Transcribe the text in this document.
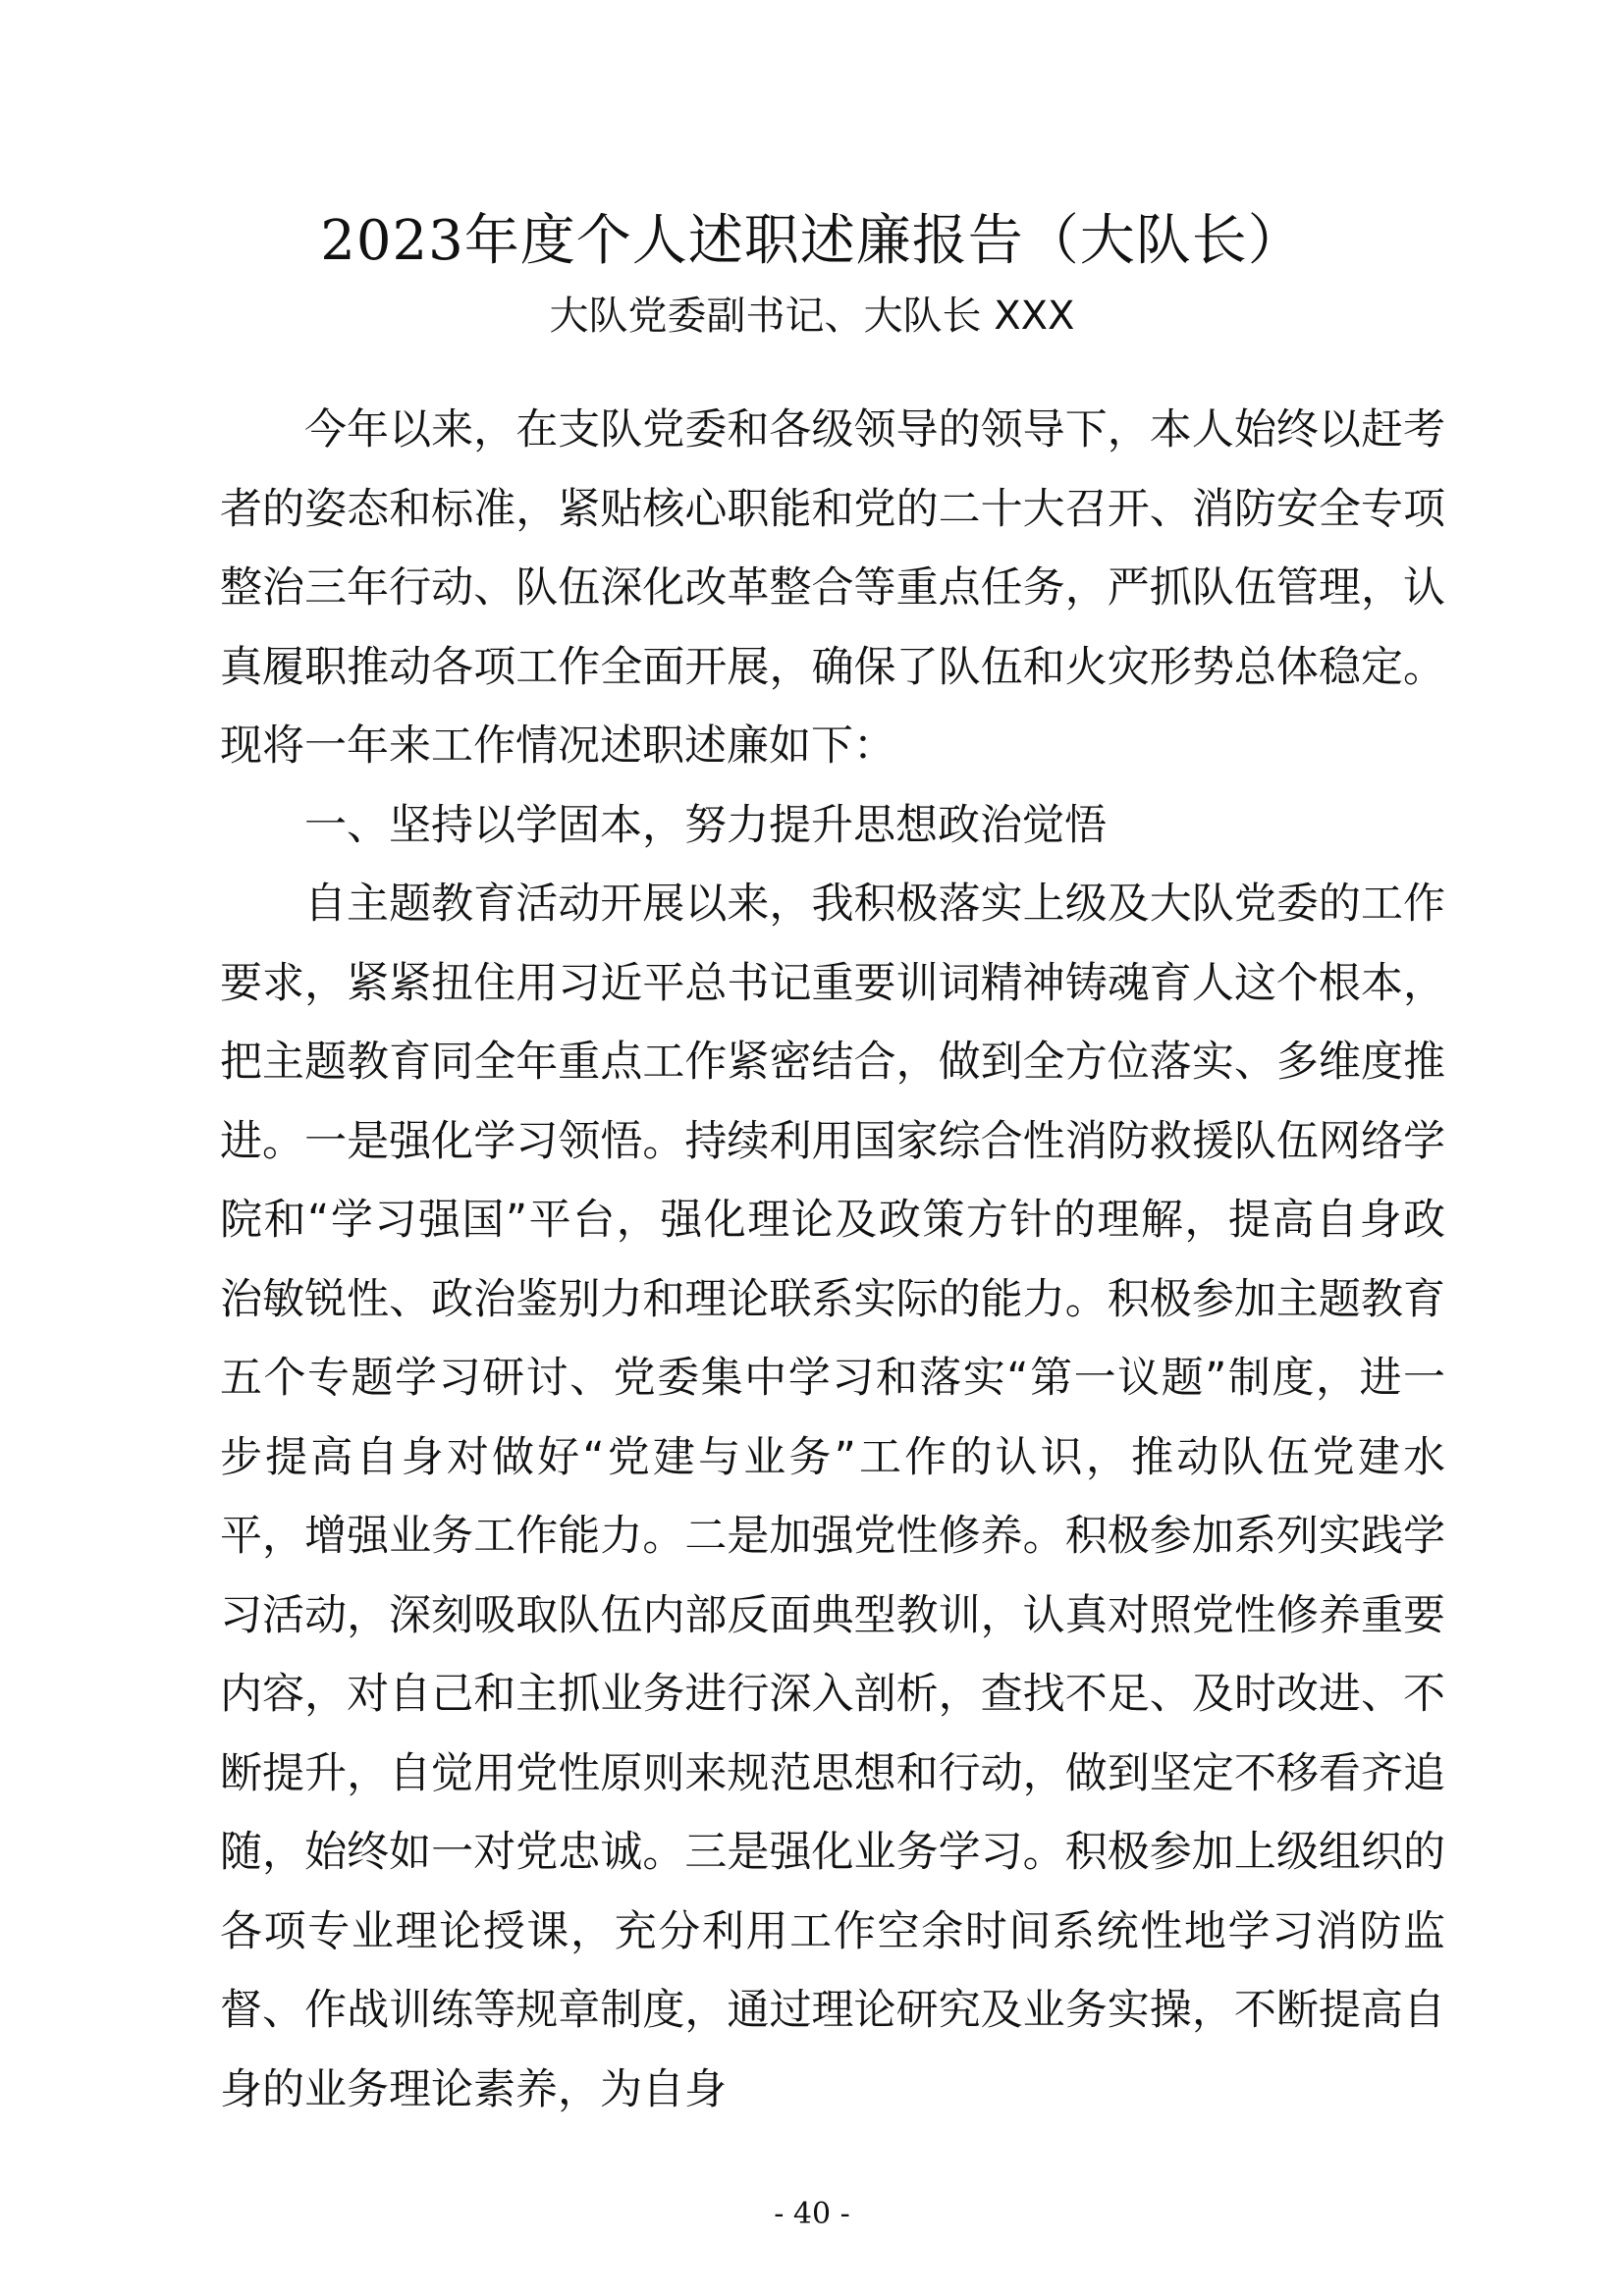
2023年度个人述职述廉报告（大队长）
大队党委副书记、大队长 XXX

今年以来，在支队党委和各级领导的领导下，本人始终以赶考者的姿态和标准，紧贴核心职能和党的二十大召开、消防安全专项整治三年行动、队伍深化改革整合等重点任务，严抓队伍管理，认真履职推动各项工作全面开展，确保了队伍和火灾形势总体稳定。现将一年来工作情况述职述廉如下：

一、坚持以学固本，努力提升思想政治觉悟

自主题教育活动开展以来，我积极落实上级及大队党委的工作要求，紧紧扭住用习近平总书记重要训词精神铸魂育人这个根本，把主题教育同全年重点工作紧密结合，做到全方位落实、多维度推进。一是强化学习领悟。持续利用国家综合性消防救援队伍网络学院和“学习强国”平台，强化理论及政策方针的理解，提高自身政治敏锐性、政治鉴别力和理论联系实际的能力。积极参加主题教育五个专题学习研讨、党委集中学习和落实“第一议题”制度，进一步提高自身对做好“党建与业务”工作的认识，推动队伍党建水平，增强业务工作能力。二是加强党性修养。积极参加系列实践学习活动，深刻吸取队伍内部反面典型教训，认真对照党性修养重要内容，对自己和主抓业务进行深入剖析，查找不足、及时改进、不断提升，自觉用党性原则来规范思想和行动，做到坚定不移看齐追随，始终如一对党忠诚。三是强化业务学习。积极参加上级组织的各项专业理论授课，充分利用工作空余时间系统性地学习消防监督、作战训练等规章制度，通过理论研究及业务实操，不断提高自身的业务理论素养，为自身

- 40 -
